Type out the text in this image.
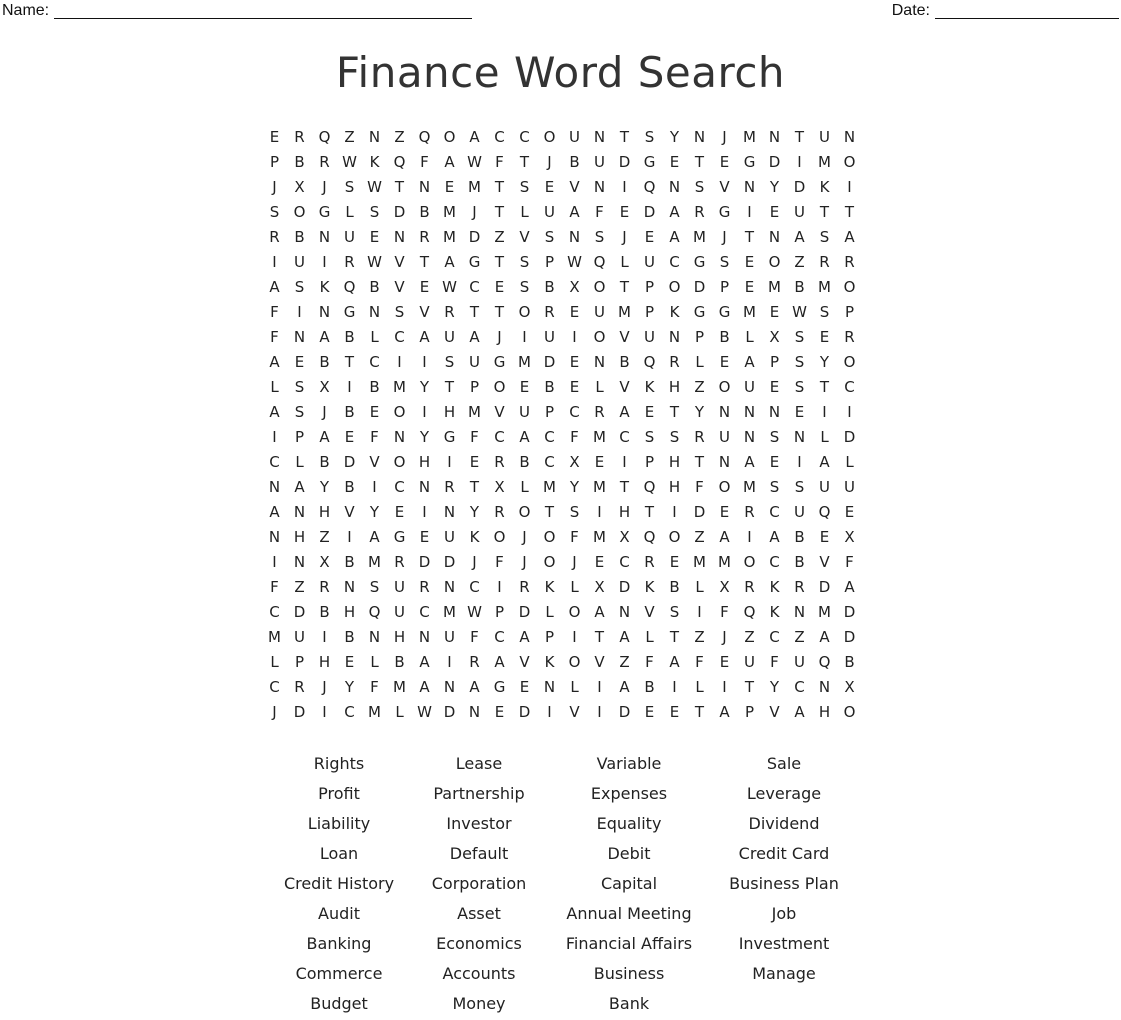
Name:	Date:
Finance Word Search
E	R Q Z N Z Q O A C C O U N T	S	Y N	J	M N T U N
P	B R W K Q F	A W F	T	J	B U D G E	T	E G D	I	M O
J	X	J	S W T N E M T	S	E	V N	I	Q N S	V N Y D K	I
S O G	L	S D B M	J	T	L	U A	F	E D A R G	I	E U T	T
R B N U E N R M D Z V	S N S	J	E	A M	J	T N A	S	A
I	U	I	R W V	T	A G T	S	P W Q L	U C G S	E O Z R R
A	S	K Q B V	E W C	E	S	B X O T	P O D P	E M B M O
F	I	N G N S	V R	T	T O R	E U M P	K G G M E W S	P
F	N A B	L	C A U A	J	I	U	I	O V U N P	B	L	X	S	E	R
A	E	B	T	C	I	I	S U G M D E N B Q R	L	E	A	P	S	Y O
L	S	X	I	B M Y	T	P O E	B	E	L	V K H Z O U E	S	T	C
A	S	J	B	E O	I	H M V U P	C R A	E	T	Y N N N E	I	I
I	P	A	E	F	N Y G F	C A C	F M C	S	S	R U N S N	L	D
C	L	B D V O H	I	E	R B C X	E	I	P H T N A	E	I	A	L
N A	Y	B	I	C N R	T	X	L M Y M T Q H	F O M S	S U U
A N H V	Y	E	I	N Y	R O T	S	I	H T	I	D E	R C U Q E
N H Z	I	A G E U K O	J	O F M X Q O Z A	I	A B	E	X
I	N X B M R D D	J	F	J	O	J	E	C R	E M M O C B V	F
F	Z R N S U R N C	I	R K	L	X D K B	L	X R K R D A
C D B H Q U C M W P D	L O A N V	S	I	F Q K N M D
M U	I	B N H N U	F	C A	P	I	T	A	L	T	Z	J	Z C Z A D
L	P H E	L	B A	I	R A V K O V Z	F	A	F	E U	F	U Q B
C R	J	Y	F M A N A G E N	L	I	A B	I	L	I	T	Y	C N X
J	D	I	C M L W D N E D	I	V	I	D E	E	T	A	P	V A H O
Rights	Lease	Variable	Sale
Profit	Partnership	Expenses	Leverage
Liability	Investor	Equality	Dividend
Loan	Default	Debit	Credit Card
Credit History	Corporation	Capital	Business Plan
Audit	Asset	Annual Meeting	Job
Banking	Economics	Financial Affairs	Investment
Commerce	Accounts	Business	Manage
Budget	Money	Bank
